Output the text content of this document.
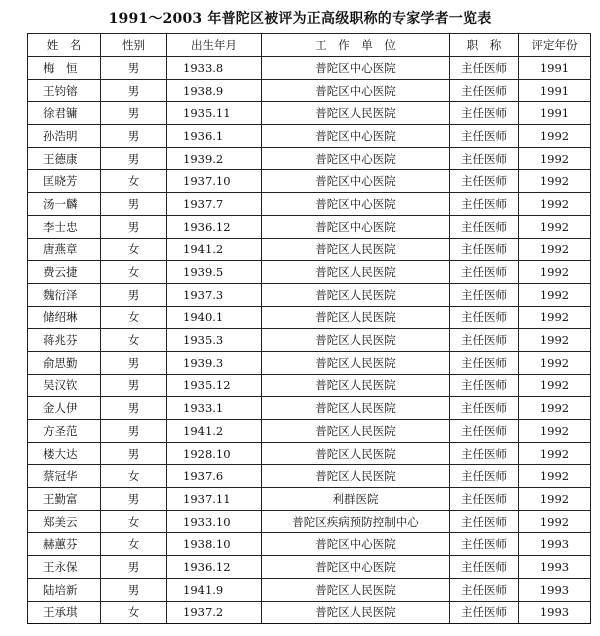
1991～2003 年普陀区被评为正高级职称的专家学者一览表
姓　名	性别	出生年月	工　作　单　位	职　称	评定年份
梅　恒	男	1933.8	普陀区中心医院	主任医师	1991
王钧镕	男	1938.9	普陀区中心医院	主任医师	1991
徐君镛	男	1935.11	普陀区人民医院	主任医师	1991
孙浩明	男	1936.1	普陀区中心医院	主任医师	1992
王德康	男	1939.2	普陀区中心医院	主任医师	1992
匡晓芳	女	1937.10	普陀区中心医院	主任医师	1992
汤一麟	男	1937.7	普陀区中心医院	主任医师	1992
李士忠	男	1936.12	普陀区中心医院	主任医师	1992
唐燕章	女	1941.2	普陀区人民医院	主任医师	1992
费云捷	女	1939.5	普陀区人民医院	主任医师	1992
魏衍泽	男	1937.3	普陀区人民医院	主任医师	1992
储绍琳	女	1940.1	普陀区人民医院	主任医师	1992
蒋兆芬	女	1935.3	普陀区人民医院	主任医师	1992
俞思勤	男	1939.3	普陀区人民医院	主任医师	1992
吴汉钦	男	1935.12	普陀区人民医院	主任医师	1992
金人伊	男	1933.1	普陀区人民医院	主任医师	1992
方圣范	男	1941.2	普陀区人民医院	主任医师	1992
楼大达	男	1928.10	普陀区人民医院	主任医师	1992
蔡冠华	女	1937.6	普陀区人民医院	主任医师	1992
王勤富	男	1937.11	利群医院	主任医师	1992
郑美云	女	1933.10	普陀区疾病预防控制中心	主任医师	1992
赫蕙芬	女	1938.10	普陀区中心医院	主任医师	1993
王永保	男	1936.12	普陀区中心医院	主任医师	1993
陆培新	男	1941.9	普陀区人民医院	主任医师	1993
王承琪	女	1937.2	普陀区人民医院	主任医师	1993
